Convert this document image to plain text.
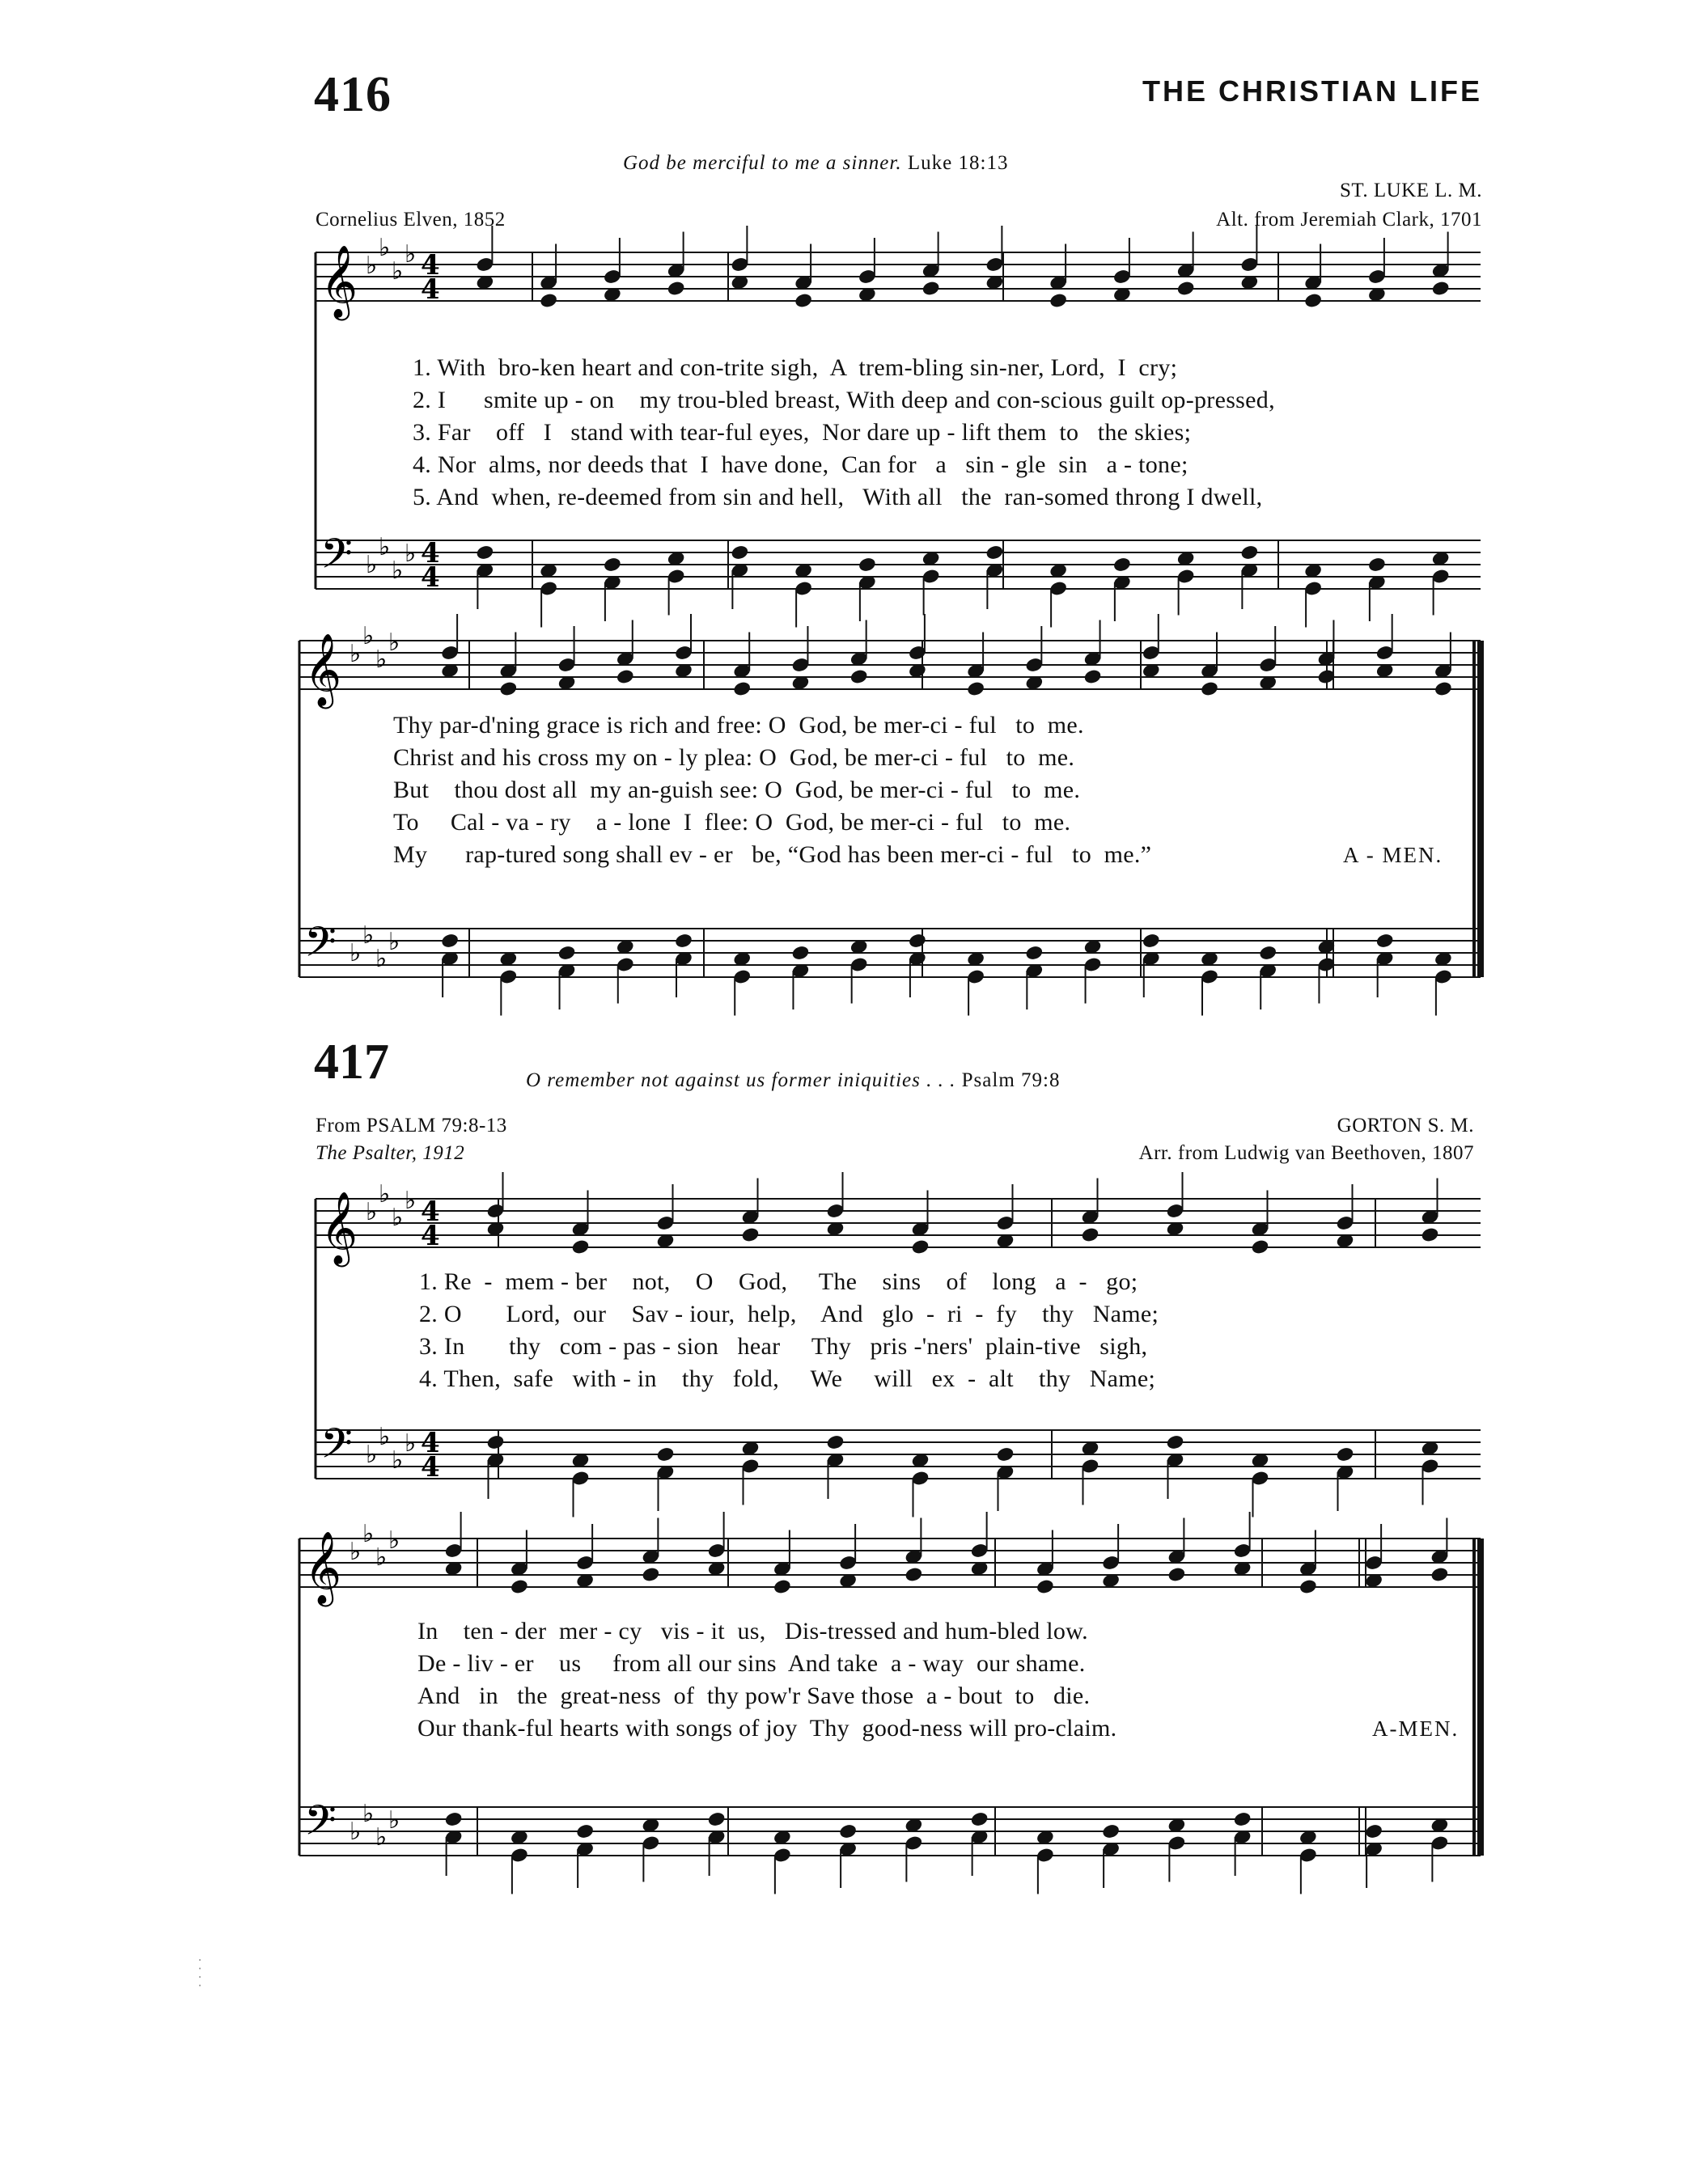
416	THE CHRISTIAN LIFE
God be merciful to me a sinner. Luke 18:13
ST. LUKE L. M.
Cornelius Elven, 1852	Alt. from Jeremiah Clark, 1701
𝄞
𝄢
𝄞
𝄢
𝄞
𝄢
𝄞
𝄢
♭
♭
♭
♭
♭
♭
♭
♭
♭
♭
♭
♭
♭
♭
♭
♭
♭
♭
♭
♭
♭
♭
♭
♭
♭
♭
♭
♭
♭
♭
♭
♭
4
4
4
4
4
4
4
4
1. With  bro-ken heart and con-trite sigh,  A  trem-bling sin-ner, Lord,  I  cry;
2. I      smite up - on    my trou-bled breast, With deep and con-scious guilt op-pressed,
3. Far    off   I   stand with tear-ful eyes,  Nor dare up - lift them  to   the skies;
4. Nor  alms, nor deeds that  I  have done,  Can for   a   sin - gle  sin   a - tone;
5. And  when, re-deemed from sin and hell,   With all   the  ran-somed throng I dwell,
Thy par-d'ning grace is rich and free: O  God, be mer-ci - ful   to  me.
Christ and his cross my on - ly plea: O  God, be mer-ci - ful   to  me.
But    thou dost all  my an-guish see: O  God, be mer-ci - ful   to  me.
To     Cal - va - ry    a - lone  I  flee: O  God, be mer-ci - ful   to  me.
My      rap-tured song shall ev - er   be, “God has been mer-ci - ful   to  me.”	A - MEN.
417	O remember not against us former iniquities . . . Psalm 79:8
From PSALM 79:8-13	GORTON S. M.
The Psalter, 1912	Arr. from Ludwig van Beethoven, 1807
1. Re  -  mem - ber    not,    O    God,     The    sins    of    long   a  -   go;
2. O       Lord,  our    Sav - iour,  help,    And   glo  -  ri  -  fy    thy   Name;
3. In       thy   com - pas - sion   hear     Thy   pris -'ners'  plain-tive   sigh,
4. Then,  safe   with - in    thy   fold,     We     will   ex  -  alt    thy   Name;
In    ten - der  mer - cy   vis - it  us,   Dis-tressed and hum-bled low.
De - liv - er    us     from all our sins  And take  a - way  our shame.
And   in   the  great-ness  of  thy pow'r Save those  a - bout  to   die.
Our thank-ful hearts with songs of joy  Thy  good-ness will pro-claim.	A-MEN.
· · · ·
